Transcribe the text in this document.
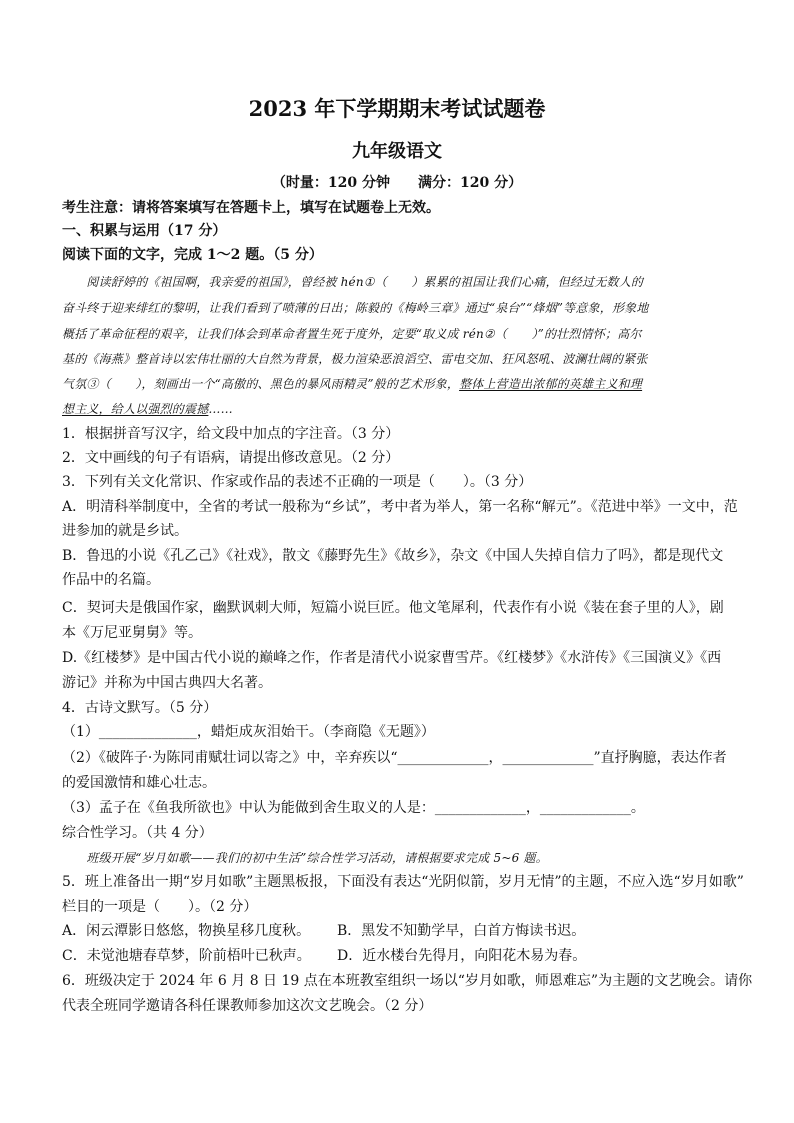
2023 年下学期期末考试试题卷
九年级语文
（时量：120 分钟　　满分：120 分）
考生注意：请将答案填写在答题卡上，填写在试题卷上无效。
一、积累与运用（17 分）
阅读下面的文字，完成 1～2 题。（5 分）
　　阅读舒婷的《祖国啊，我亲爱的祖国》，曾经被 hén①（　　）累累的祖国让我们心痛，但经过无数人的
奋斗终于迎来绯红的黎明，让我们看到了喷薄的日出；陈毅的《梅岭三章》通过“泉台”“烽烟”等意象，形象地
概括了革命征程的艰辛，让我们体会到革命者置生死于度外，定要“取义成 rén②（　　）”的壮烈情怀；高尔
基的《海燕》整首诗以宏伟壮丽的大自然为背景，极力渲染恶浪滔空、雷电交加、狂风怒吼、波澜壮阔的紧张
气氛③（　　），刻画出一个“高傲的、黑色的暴风雨精灵”般的艺术形象，整体上营造出浓郁的英雄主义和理
想主义，给人以强烈的震撼……
1．根据拼音写汉字，给文段中加点的字注音。（3 分）
2．文中画线的句子有语病，请提出修改意见。（2 分）
3．下列有关文化常识、作家或作品的表述不正确的一项是（　　）。（3 分）
A．明清科举制度中，全省的考试一般称为“乡试”，考中者为举人，第一名称“解元”。《范进中举》一文中，范
进参加的就是乡试。
B．鲁迅的小说《孔乙己》《社戏》，散文《藤野先生》《故乡》，杂文《中国人失掉自信力了吗》，都是现代文
作品中的名篇。
C．契诃夫是俄国作家，幽默讽刺大师，短篇小说巨匠。他文笔犀利，代表作有小说《装在套子里的人》，剧
本《万尼亚舅舅》等。
D.《红楼梦》是中国古代小说的巅峰之作，作者是清代小说家曹雪芹。《红楼梦》《水浒传》《三国演义》《西
游记》并称为中国古典四大名著。
4．古诗文默写。（5 分）
（1）______________，蜡炬成灰泪始干。（李商隐《无题》）
（2）《破阵子·为陈同甫赋壮词以寄之》中，辛弃疾以“_____________，_____________”直抒胸臆，表达作者
的爱国激情和雄心壮志。
（3）孟子在《鱼我所欲也》中认为能做到舍生取义的人是：_____________，_____________。
综合性学习。（共 4 分）
　　班级开展“岁月如歌——我们的初中生活”综合性学习活动，请根据要求完成 5~6 题。
5．班上准备出一期“岁月如歌”主题黑板报，下面没有表达“光阴似箭，岁月无情”的主题，不应入选“岁月如歌”
栏目的一项是（　　）。（2 分）
A．闲云潭影日悠悠，物换星移几度秋。 B．黑发不知勤学早，白首方悔读书迟。
C．未觉池塘春草梦，阶前梧叶已秋声。 D．近水楼台先得月，向阳花木易为春。
6．班级决定于 2024 年 6 月 8 日 19 点在本班教室组织一场以“岁月如歌，师恩难忘”为主题的文艺晚会。请你
代表全班同学邀请各科任课教师参加这次文艺晚会。（2 分）
